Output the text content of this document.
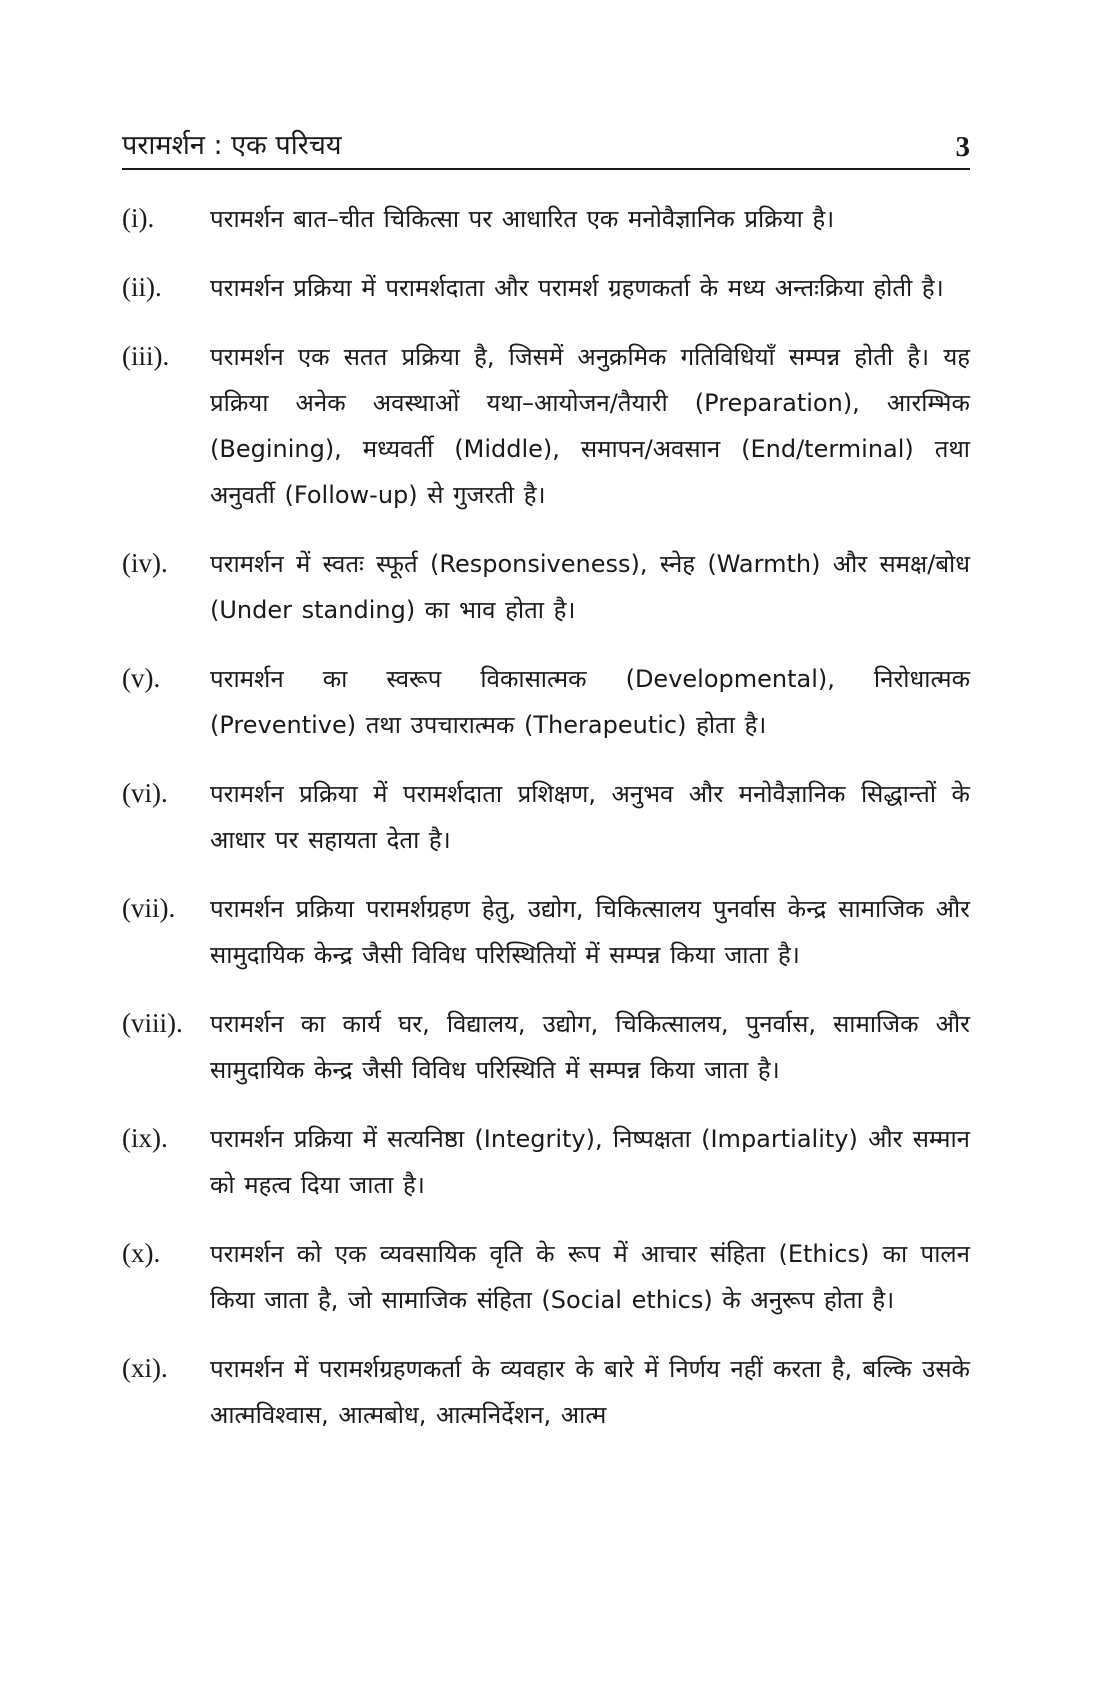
परामर्शन : एक परिचय	3
(i).	परामर्शन बात–चीत चिकित्सा पर आधारित एक मनोवैज्ञानिक प्रक्रिया है।
(ii).	परामर्शन प्रक्रिया में परामर्शदाता और परामर्श ग्रहणकर्ता के मध्य अन्तःक्रिया होती है।
(iii).	परामर्शन एक सतत प्रक्रिया है, जिसमें अनुक्रमिक गतिविधियाँ सम्पन्न होती है। यह प्रक्रिया अनेक अवस्थाओं यथा–आयोजन/तैयारी (Preparation), आरम्भिक (Begining), मध्यवर्ती (Middle), समापन/अवसान (End/terminal) तथा अनुवर्ती (Follow-up) से गुजरती है।
(iv).	परामर्शन में स्वतः स्फूर्त (Responsiveness), स्नेह (Warmth) और समक्ष/बोध (Under standing) का भाव होता है।
(v).	परामर्शन का स्वरूप विकासात्मक (Developmental), निरोधात्मक (Preventive) तथा उपचारात्मक (Therapeutic) होता है।
(vi).	परामर्शन प्रक्रिया में परामर्शदाता प्रशिक्षण, अनुभव और मनोवैज्ञानिक सिद्धान्तों के आधार पर सहायता देता है।
(vii).	परामर्शन प्रक्रिया परामर्शग्रहण हेतु, उद्योग, चिकित्सालय पुनर्वास केन्द्र सामाजिक और सामुदायिक केन्द्र जैसी विविध परिस्थितियों में सम्पन्न किया जाता है।
(viii).	परामर्शन का कार्य घर, विद्यालय, उद्योग, चिकित्सालय, पुनर्वास, सामाजिक और सामुदायिक केन्द्र जैसी विविध परिस्थिति में सम्पन्न किया जाता है।
(ix).	परामर्शन प्रक्रिया में सत्यनिष्ठा (Integrity), निष्पक्षता (Impartiality) और सम्मान को महत्व दिया जाता है।
(x).	परामर्शन को एक व्यवसायिक वृति के रूप में आचार संहिता (Ethics) का पालन किया जाता है, जो सामाजिक संहिता (Social ethics) के अनुरूप होता है।
(xi).	परामर्शन में परामर्शग्रहणकर्ता के व्यवहार के बारे में निर्णय नहीं करता है, बल्कि उसके आत्मविश्वास, आत्मबोध, आत्मनिर्देशन, आत्म
